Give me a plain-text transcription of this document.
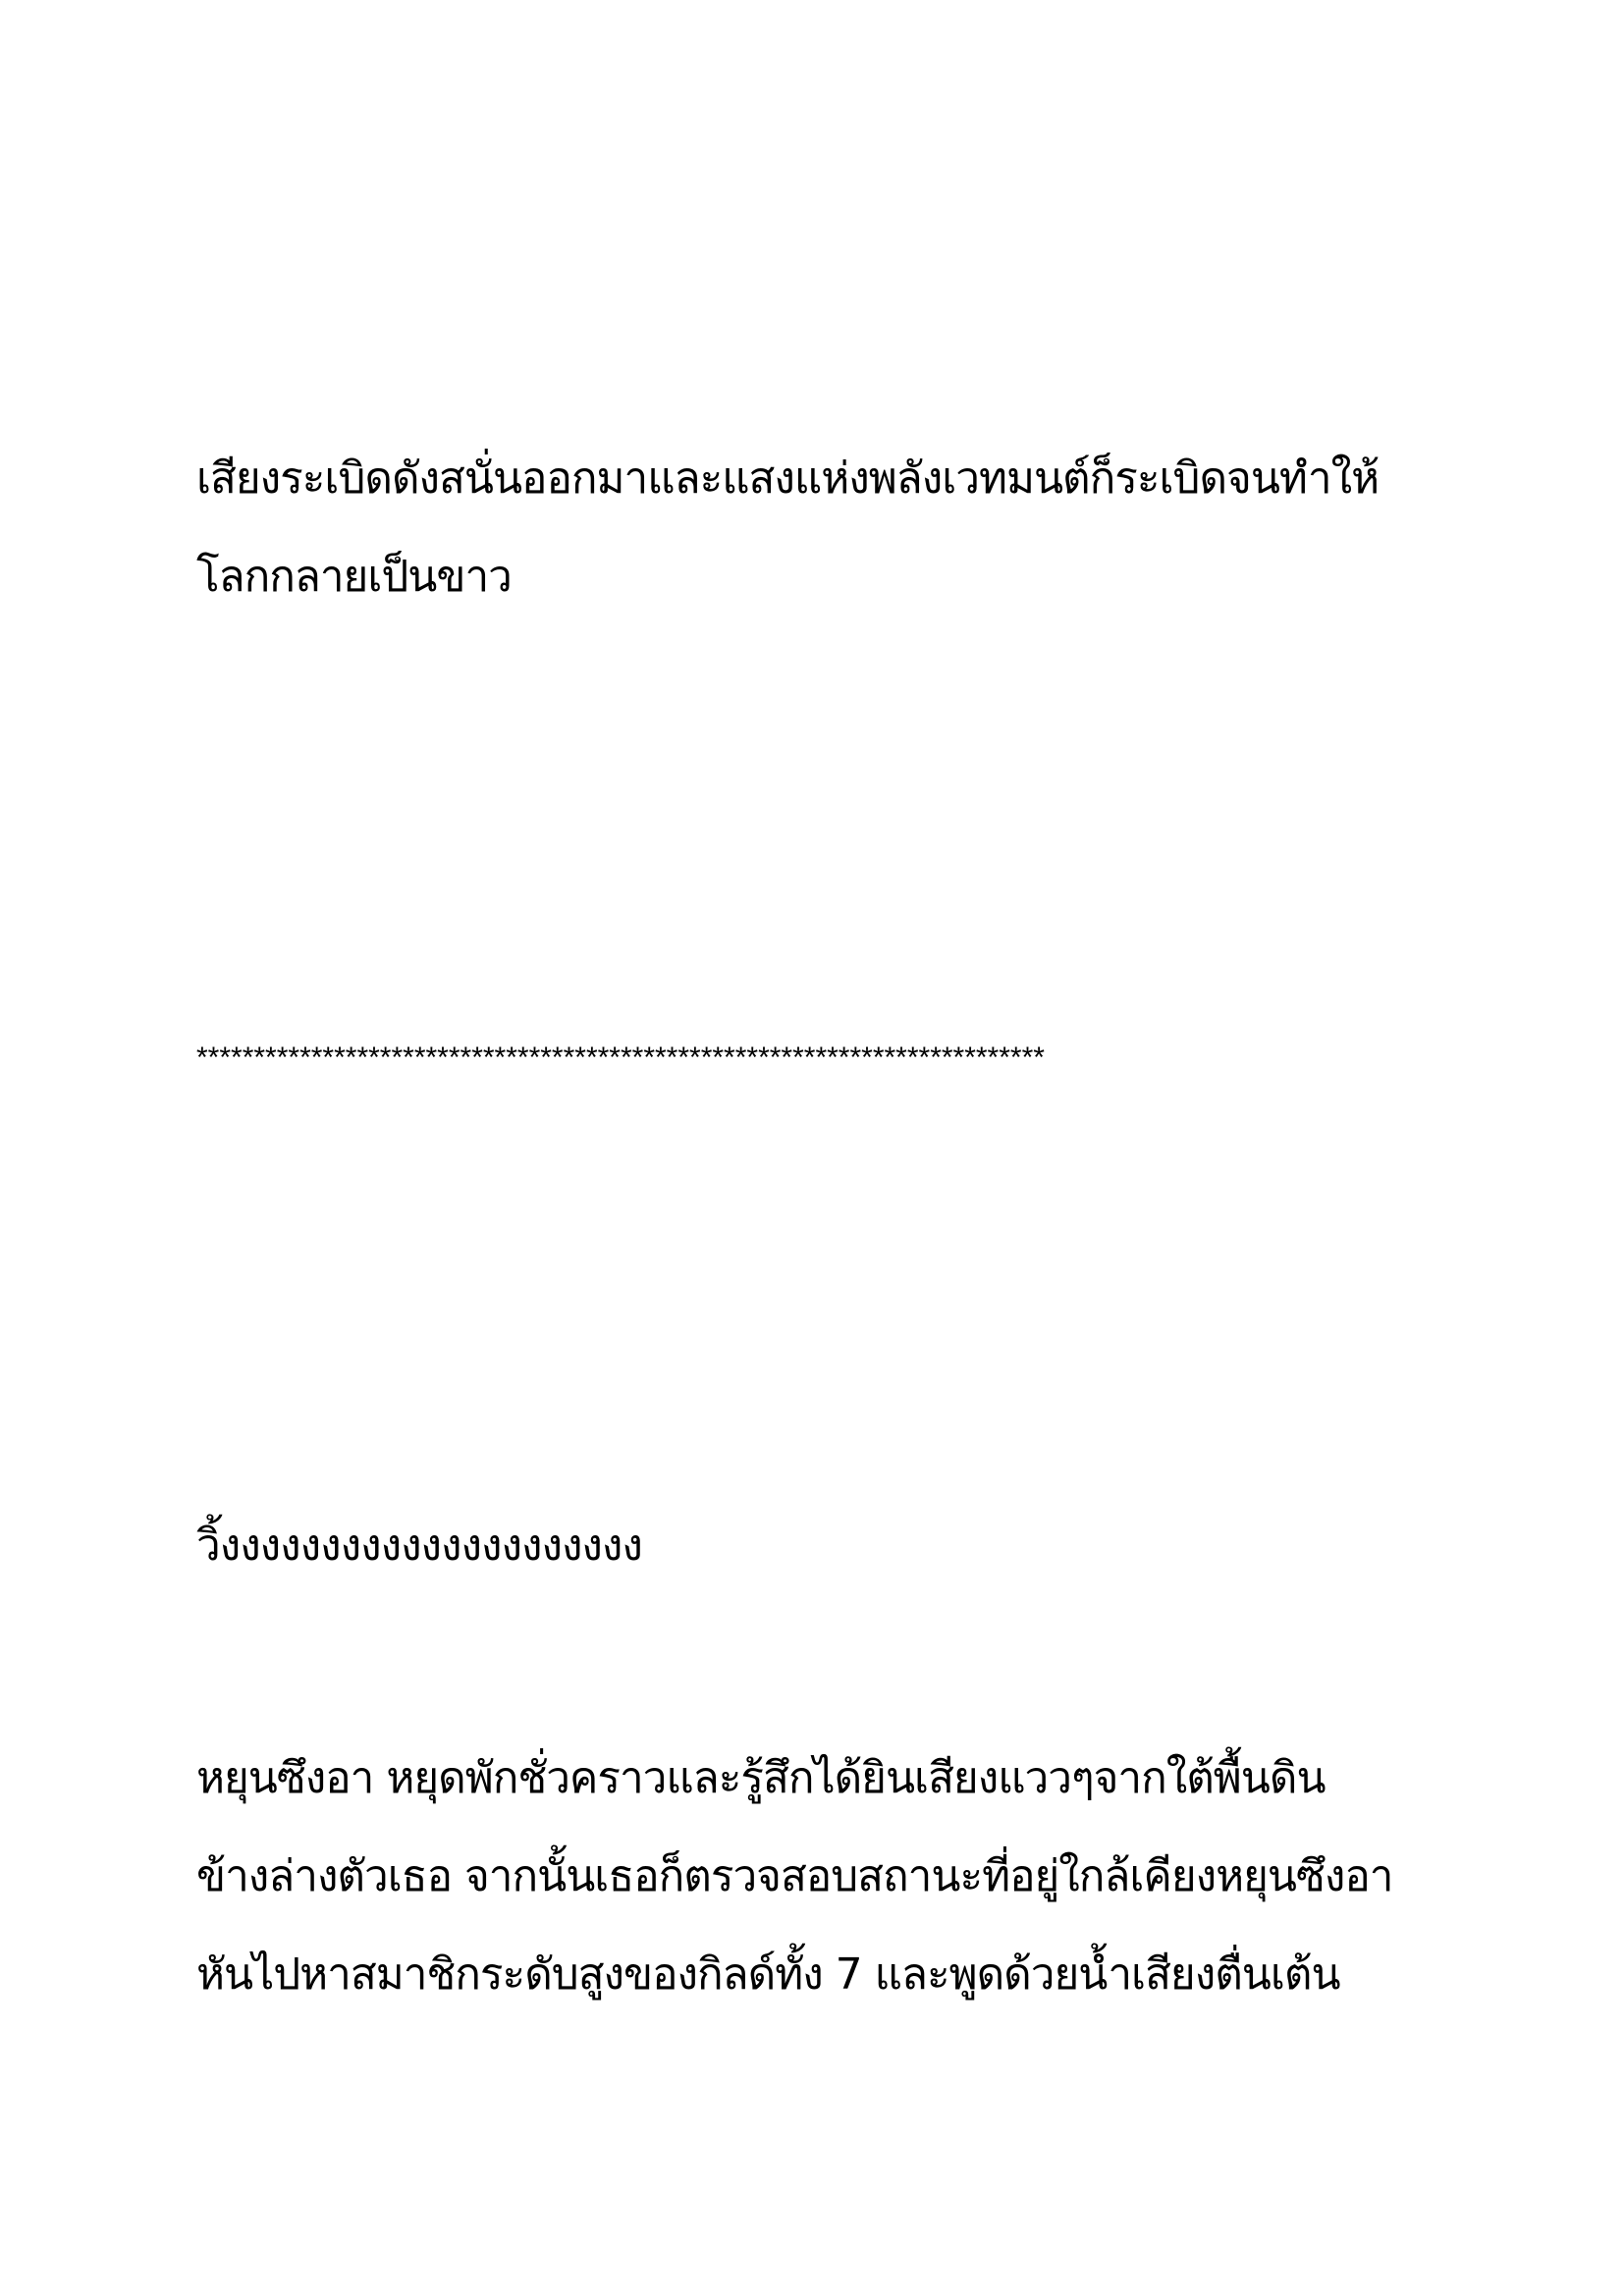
เสียงระเบิดดังสนั่นออกมาและแสงแห่งพลังเวทมนต์ก็ระเบิดจนทำให้
โลกกลายเป็นขาว
**************************************************************************
วิ้งงงงงงงงงงงงงงงงงงงงง
หยุนซึงอา หยุดพักชั่วคราวและรู้สึกได้ยินเสียงแววๆจากใต้พื้นดิน
ข้างล่างตัวเธอ จากนั้นเธอก็ตรวจสอบสถานะที่อยู่ใกล้เคียงหยุนซึงอา
หันไปหาสมาชิกระดับสูงของกิลด์ทั้ง 7 และพูดด้วยน้ำเสียงตื่นเต้น
